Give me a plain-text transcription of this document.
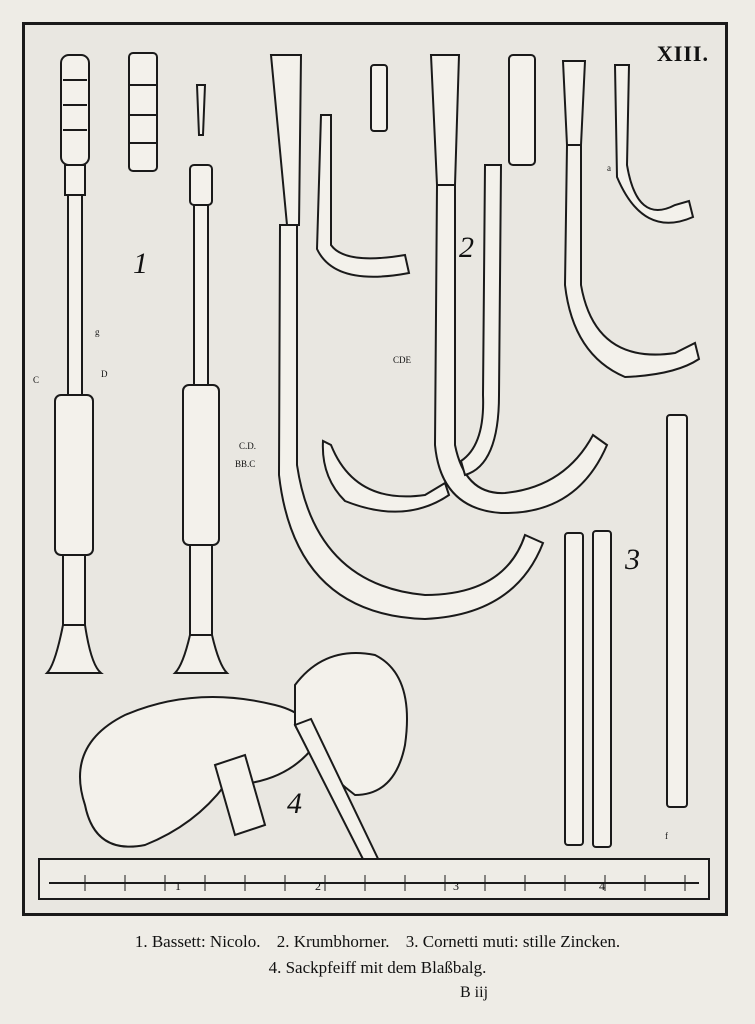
XIII.
1	2
3
4
g
C
D
C.D.
BB.C
CDE
a
f
1	2	3	4
1. Bassett: Nicolo. 2. Krumbhorner. 3. Cornetti muti: stille Zincken.
4. Sackpfeiff mit dem Blaßbalg.
B iij
